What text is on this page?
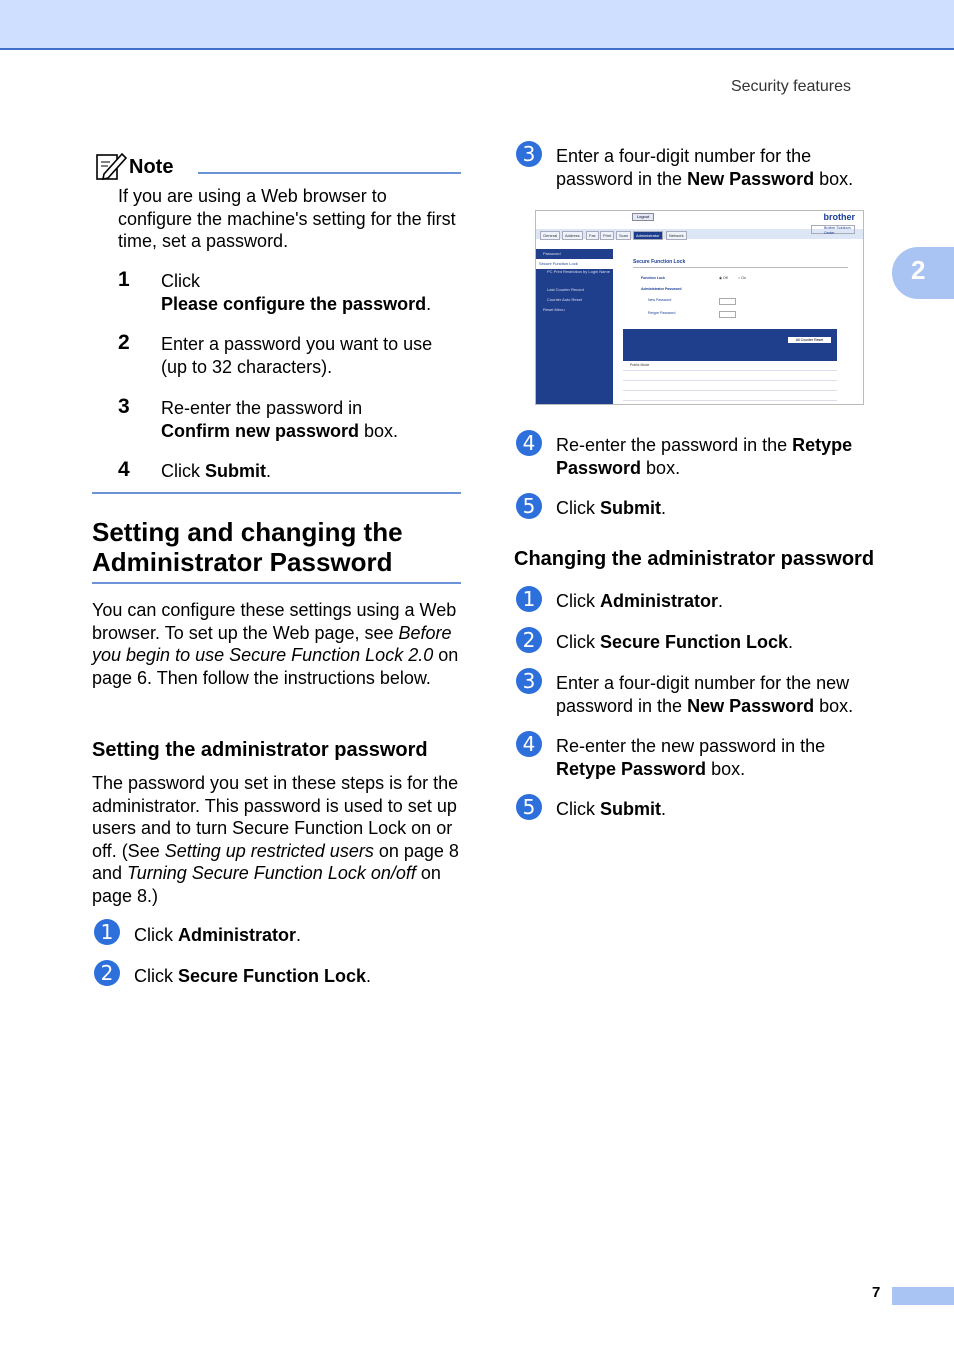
Security features
2
Note
If you are using a Web browser to configure the machine's setting for the first time, set a password.
1 Click
Please configure the password.
2 Enter a password you want to use (up to 32 characters).
3 Re-enter the password in
Confirm new password box.
4 Click Submit.
Setting and changing the
Administrator Password
You can configure these settings using a Web browser. To set up the Web page, see Before you begin to use Secure Function Lock 2.0 on page 6. Then follow the instructions below.
Setting the administrator password
The password you set in these steps is for the administrator. This password is used to set up users and to turn Secure Function Lock on or off. (See Setting up restricted users on page 8 and Turning Secure Function Lock on/off on page 8.)
1	Click Administrator.
2	Click Secure Function Lock.
3	Enter a four-digit number for the password in the New Password box.
Logout	brother
General	Address	Fax	Print	Scan	Administrator	Network
Brother Solutions Center
Password
Secure Function Lock
PC Print Restriction by Login Name
Last Counter Record
Counter Auto Reset
Reset Menu
Secure Function Lock
Function Lock	◉ Off	○ On
Administrator Password
New Password
Retype Password
All Counter Reset
Public Mode
4	Re-enter the password in the Retype Password box.
5	Click Submit.
Changing the administrator password
1	Click Administrator.
2	Click Secure Function Lock.
3	Enter a four-digit number for the new password in the New Password box.
4	Re-enter the new password in the Retype Password box.
5	Click Submit.
7
